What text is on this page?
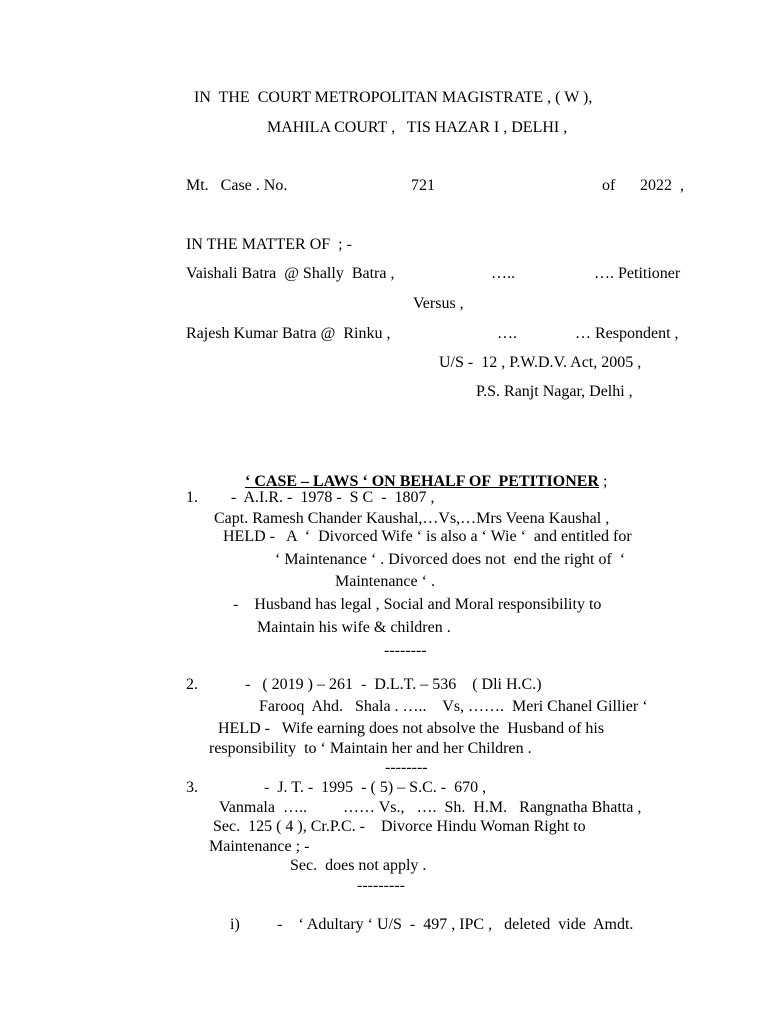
IN  THE  COURT METROPOLITAN MAGISTRATE , ( W ),
MAHILA COURT ,   TIS HAZAR I , DELHI ,
Mt.   Case . No.	721	of 2022  ,
IN THE MATTER OF  ; -
Vaishali Batra  @ Shally  Batra ,	…..	…. Petitioner
Versus ,
Rajesh Kumar Batra @  Rinku ,	….	… Respondent ,
U/S -  12 , P.W.D.V. Act, 2005 ,
P.S. Ranjt Nagar, Delhi ,

‘ CASE – LAWS ‘ ON BEHALF OF  PETITIONER ;

1. -  A.I.R. -  1978 -  S C  -  1807 ,
Capt. Ramesh Chander Kaushal,…Vs,…Mrs Veena Kaushal ,
HELD -   A  ‘  Divorced Wife ‘ is also a ‘ Wie ‘  and entitled for
‘ Maintenance ‘ . Divorced does not  end the right of  ‘
Maintenance ‘ .
-    Husband has legal , Social and Moral responsibility to
Maintain his wife & children .
--------
2.	-   ( 2019 ) – 261  -  D.L.T. – 536    ( Dli H.C.)
Farooq  Ahd.   Shala . …..    Vs, …….  Meri Chanel Gillier ‘
HELD -   Wife earning does not absolve the  Husband of his
responsibility  to ‘ Maintain her and her Children .
--------
3.	-  J. T. -  1995  - ( 5) – S.C. -  670 ,
Vanmala  …..         …… Vs.,   ….  Sh.  H.M.   Rangnatha Bhatta ,
Sec.  125 ( 4 ), Cr.P.C. -    Divorce Hindu Woman Right to
Maintenance ; -
Sec.  does not apply .
---------
i) -    ‘ Adultary ‘ U/S  -  497 , IPC ,   deleted  vide  Amdt.
